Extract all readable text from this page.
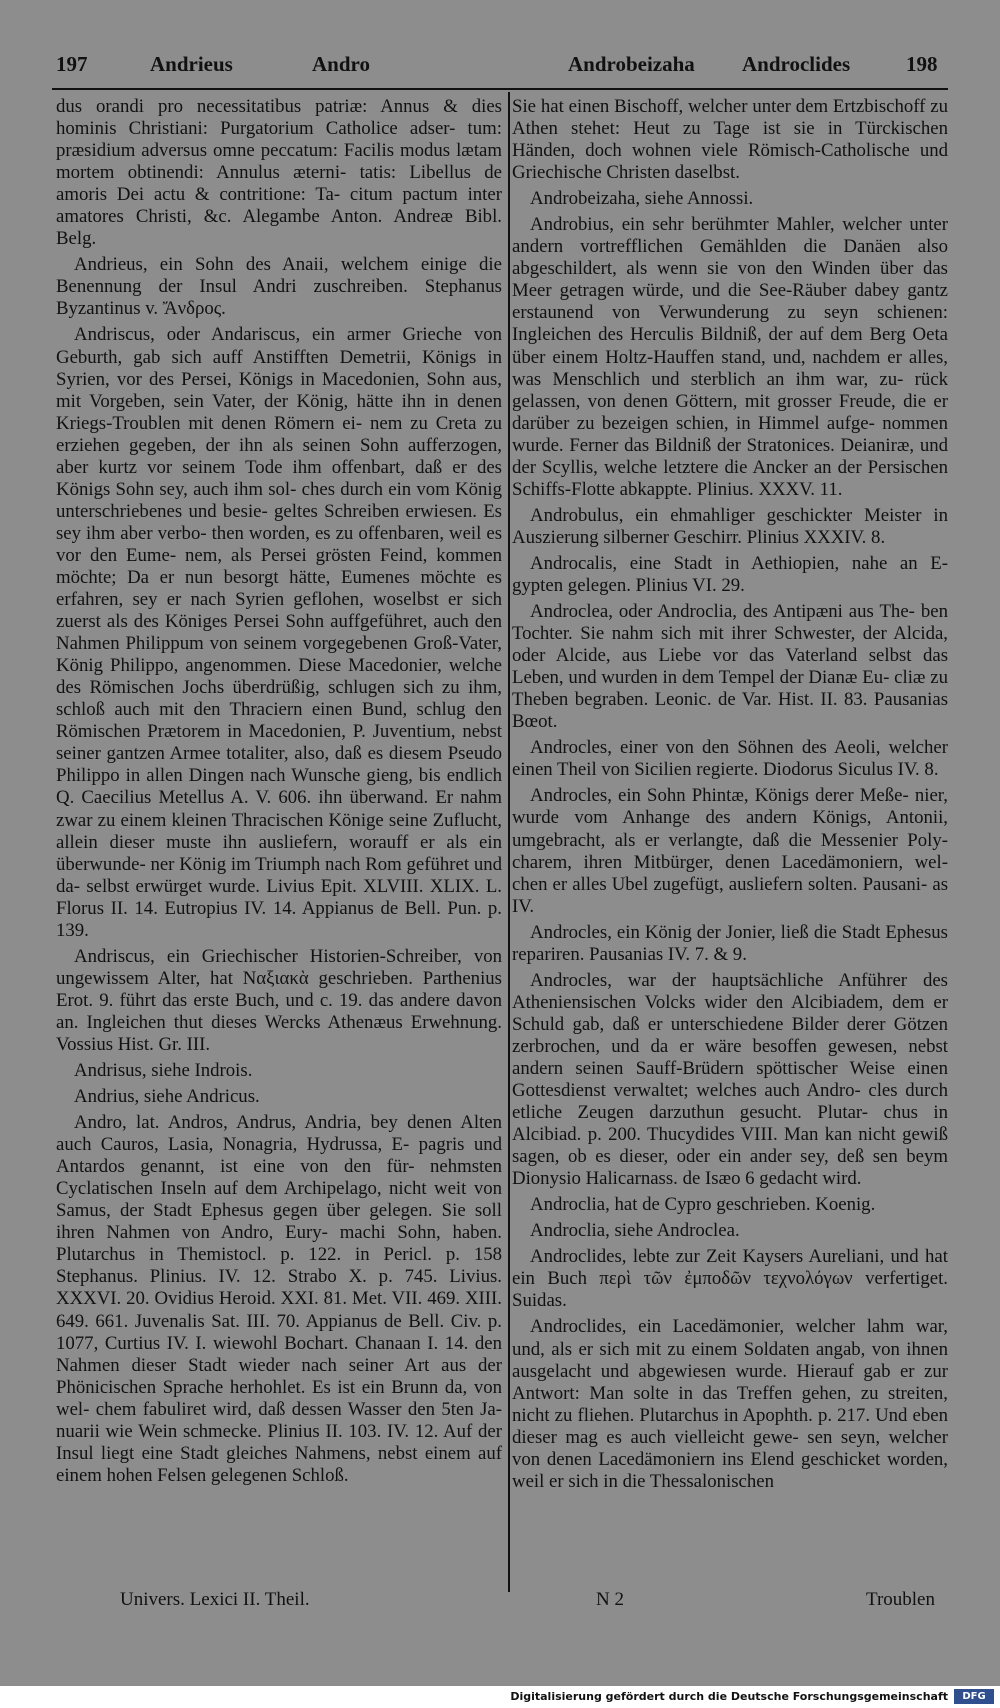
197	Andrieus	Andro	Androbeizaha Androclides	198

dus orandi pro necessitatibus patriæ: Annus & dies hominis Christiani: Purgatorium Catholice adser- tum: præsidium adversus omne peccatum: Facilis modus lætam mortem obtinendi: Annulus æterni- tatis: Libellus de amoris Dei actu & contritione: Ta- citum pactum inter amatores Christi, &c. Alegambe Anton. Andreæ Bibl. Belg.

Andrieus, ein Sohn des Anaii, welchem einige die Benennung der Insul Andri zuschreiben. Stephanus Byzantinus v. Ἄνδρος.

Andriscus, oder Andariscus, ein armer Grieche von Geburth, gab sich auff Anstifften Demetrii, Königs in Syrien, vor des Persei, Königs in Macedonien, Sohn aus, mit Vorgeben, sein Vater, der König, hätte ihn in denen Kriegs-Troublen mit denen Römern ei- nem zu Creta zu erziehen gegeben, der ihn als seinen Sohn aufferzogen, aber kurtz vor seinem Tode ihm offenbart, daß er des Königs Sohn sey, auch ihm sol- ches durch ein vom König unterschriebenes und besie- geltes Schreiben erwiesen. Es sey ihm aber verbo- then worden, es zu offenbaren, weil es vor den Eume- nem, als Persei grösten Feind, kommen möchte; Da er nun besorgt hätte, Eumenes möchte es erfahren, sey er nach Syrien geflohen, woselbst er sich zuerst als des Königes Persei Sohn auffgeführet, auch den Nahmen Philippum von seinem vorgegebenen Groß-Vater, König Philippo, angenommen. Diese Macedonier, welche des Römischen Jochs überdrüßig, schlugen sich zu ihm, schloß auch mit den Thraciern einen Bund, schlug den Römischen Prætorem in Macedonien, P. Juventium, nebst seiner gantzen Armee totaliter, also, daß es diesem Pseudo Philippo in allen Dingen nach Wunsche gieng, bis endlich Q. Caecilius Metellus A. V. 606. ihn überwand. Er nahm zwar zu einem kleinen Thracischen Könige seine Zuflucht, allein dieser muste ihn ausliefern, worauff er als ein überwunde- ner König im Triumph nach Rom geführet und da- selbst erwürget wurde. Livius Epit. XLVIII. XLIX. L. Florus II. 14. Eutropius IV. 14. Appianus de Bell. Pun. p. 139.

Andriscus, ein Griechischer Historien-Schreiber, von ungewissem Alter, hat Ναξιακὰ geschrieben. Parthenius Erot. 9. führt das erste Buch, und c. 19. das andere davon an. Ingleichen thut dieses Wercks Athenæus Erwehnung. Vossius Hist. Gr. III.

Andrisus, siehe Indrois.

Andrius, siehe Andricus.

Andro, lat. Andros, Andrus, Andria, bey denen Alten auch Cauros, Lasia, Nonagria, Hydrussa, E- pagris und Antardos genannt, ist eine von den für- nehmsten Cyclatischen Inseln auf dem Archipelago, nicht weit von Samus, der Stadt Ephesus gegen über gelegen. Sie soll ihren Nahmen von Andro, Eury- machi Sohn, haben. Plutarchus in Themistocl. p. 122. in Pericl. p. 158 Stephanus. Plinius. IV. 12. Strabo X. p. 745. Livius. XXXVI. 20. Ovidius Heroid. XXI. 81. Met. VII. 469. XIII. 649. 661. Juvenalis Sat. III. 70. Appianus de Bell. Civ. p. 1077, Curtius IV. I. wiewohl Bochart. Chanaan I. 14. den Nahmen dieser Stadt wieder nach seiner Art aus der Phönicischen Sprache herhohlet. Es ist ein Brunn da, von wel- chem fabuliret wird, daß dessen Wasser den 5ten Ja- nuarii wie Wein schmecke. Plinius II. 103. IV. 12. Auf der Insul liegt eine Stadt gleiches Nahmens, nebst einem auf einem hohen Felsen gelegenen Schloß.

Sie hat einen Bischoff, welcher unter dem Ertzbischoff zu Athen stehet: Heut zu Tage ist sie in Türckischen Händen, doch wohnen viele Römisch-Catholische und Griechische Christen daselbst.

Androbeizaha, siehe Annossi.

Androbius, ein sehr berühmter Mahler, welcher unter andern vortrefflichen Gemählden die Danäen also abgeschildert, als wenn sie von den Winden über das Meer getragen würde, und die See-Räuber dabey gantz erstaunend von Verwunderung zu seyn schienen: Ingleichen des Herculis Bildniß, der auf dem Berg Oeta über einem Holtz-Hauffen stand, und, nachdem er alles, was Menschlich und sterblich an ihm war, zu- rück gelassen, von denen Göttern, mit grosser Freude, die er darüber zu bezeigen schien, in Himmel aufge- nommen wurde. Ferner das Bildniß der Stratonices. Deianiræ, und der Scyllis, welche letztere die Ancker an der Persischen Schiffs-Flotte abkappte. Plinius. XXXV. 11.

Androbulus, ein ehmahliger geschickter Meister in Auszierung silberner Geschirr. Plinius XXXIV. 8.

Androcalis, eine Stadt in Aethiopien, nahe an E- gypten gelegen. Plinius VI. 29.

Androclea, oder Androclia, des Antipæni aus The- ben Tochter. Sie nahm sich mit ihrer Schwester, der Alcida, oder Alcide, aus Liebe vor das Vaterland selbst das Leben, und wurden in dem Tempel der Dianæ Eu- cliæ zu Theben begraben. Leonic. de Var. Hist. II. 83. Pausanias Bœot.

Androcles, einer von den Söhnen des Aeoli, welcher einen Theil von Sicilien regierte. Diodorus Siculus IV. 8.

Androcles, ein Sohn Phintæ, Königs derer Meße- nier, wurde vom Anhange des andern Königs, Antonii, umgebracht, als er verlangte, daß die Messenier Poly- charem, ihren Mitbürger, denen Lacedämoniern, wel- chen er alles Ubel zugefügt, ausliefern solten. Pausani- as IV.

Androcles, ein König der Jonier, ließ die Stadt Ephesus repariren. Pausanias IV. 7. & 9.

Androcles, war der hauptsächliche Anführer des Atheniensischen Volcks wider den Alcibiadem, dem er Schuld gab, daß er unterschiedene Bilder derer Götzen zerbrochen, und da er wäre besoffen gewesen, nebst andern seinen Sauff-Brüdern spöttischer Weise einen Gottesdienst verwaltet; welches auch Andro- cles durch etliche Zeugen darzuthun gesucht. Plutar- chus in Alcibiad. p. 200. Thucydides VIII. Man kan nicht gewiß sagen, ob es dieser, oder ein ander sey, deß sen beym Dionysio Halicarnass. de Isæo 6 gedacht wird.

Androclia, hat de Cypro geschrieben. Koenig.

Androclia, siehe Androclea.

Androclides, lebte zur Zeit Kaysers Aureliani, und hat ein Buch περὶ τῶν ἐμποδῶν τεχνολόγων verfertiget. Suidas.

Androclides, ein Lacedämonier, welcher lahm war, und, als er sich mit zu einem Soldaten angab, von ihnen ausgelacht und abgewiesen wurde. Hierauf gab er zur Antwort: Man solte in das Treffen gehen, zu streiten, nicht zu fliehen. Plutarchus in Apophth. p. 217. Und eben dieser mag es auch vielleicht gewe- sen seyn, welcher von denen Lacedämoniern ins Elend geschicket worden, weil er sich in die Thessalonischen

Univers. Lexici II. Theil.	N 2	Troublen
Digitalisierung gefördert durch die Deutsche Forschungsgemeinschaft	DFG
